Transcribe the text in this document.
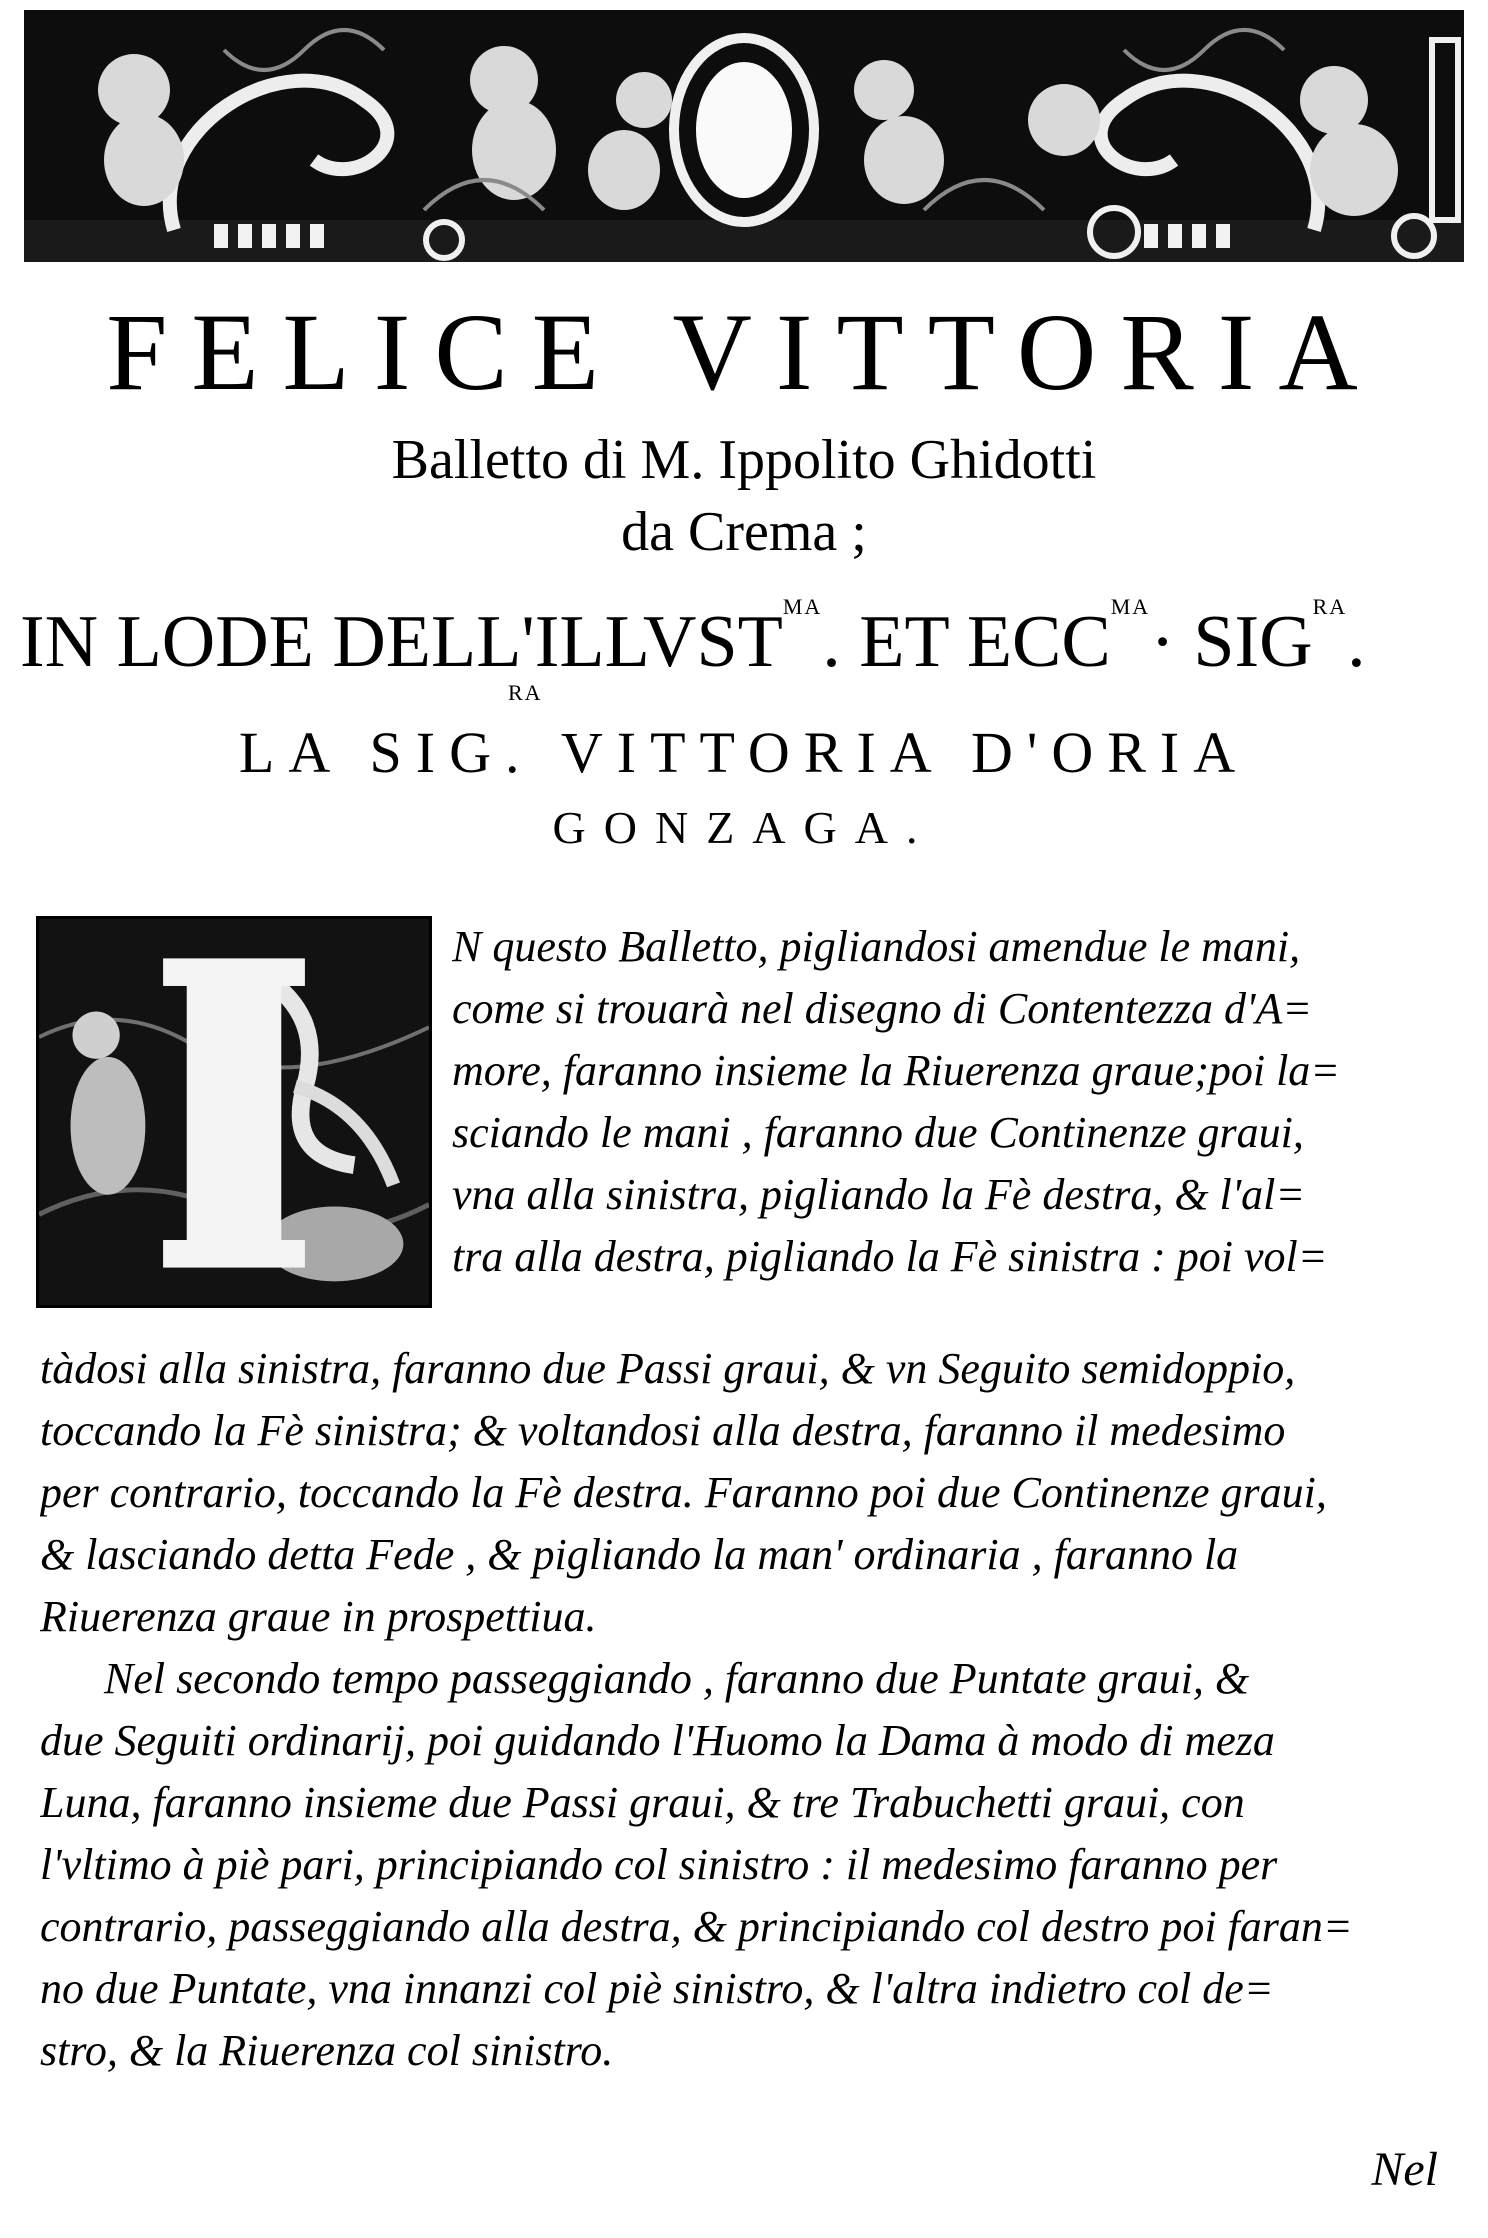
FELICE VITTORIA
Balletto di M. Ippolito Ghidotti
da Crema ;
IN LODE $DELL'ILLVST^{MA}$. ET $ECC^{MA}\cdot SIG^{RA}$.
RA
LA SIG. VITTORIA D'ORIA
GONZAGA.
N questo Balletto, pigliandosi amendue le mani,
come si trouarà nel disegno di Contentezza d'A=
more, faranno insieme la Riuerenza graue;poi la=
sciando le mani , faranno due Continenze graui,
vna alla sinistra, pigliando la Fè destra, & l'al=
tra alla destra, pigliando la Fè sinistra : poi vol=
tàdosi alla sinistra, faranno due Passi graui, & vn Seguito semidoppio,
toccando la Fè sinistra; & voltandosi alla destra, faranno il medesimo
per contrario, toccando la Fè destra. Faranno poi due Continenze graui,
& lasciando detta Fede , & pigliando la man' ordinaria , faranno la
Riuerenza graue in prospettiua.
Nel secondo tempo passeggiando , faranno due Puntate graui, &
due Seguiti ordinarij, poi guidando l'Huomo la Dama à modo di meza
Luna, faranno insieme due Passi graui, & tre Trabuchetti graui, con
l'vltimo à piè pari, principiando col sinistro : il medesimo faranno per
contrario, passeggiando alla destra, & principiando col destro poi faran=
no due Puntate, vna innanzi col piè sinistro, & l'altra indietro col de=
stro, & la Riuerenza col sinistro.
Nel
